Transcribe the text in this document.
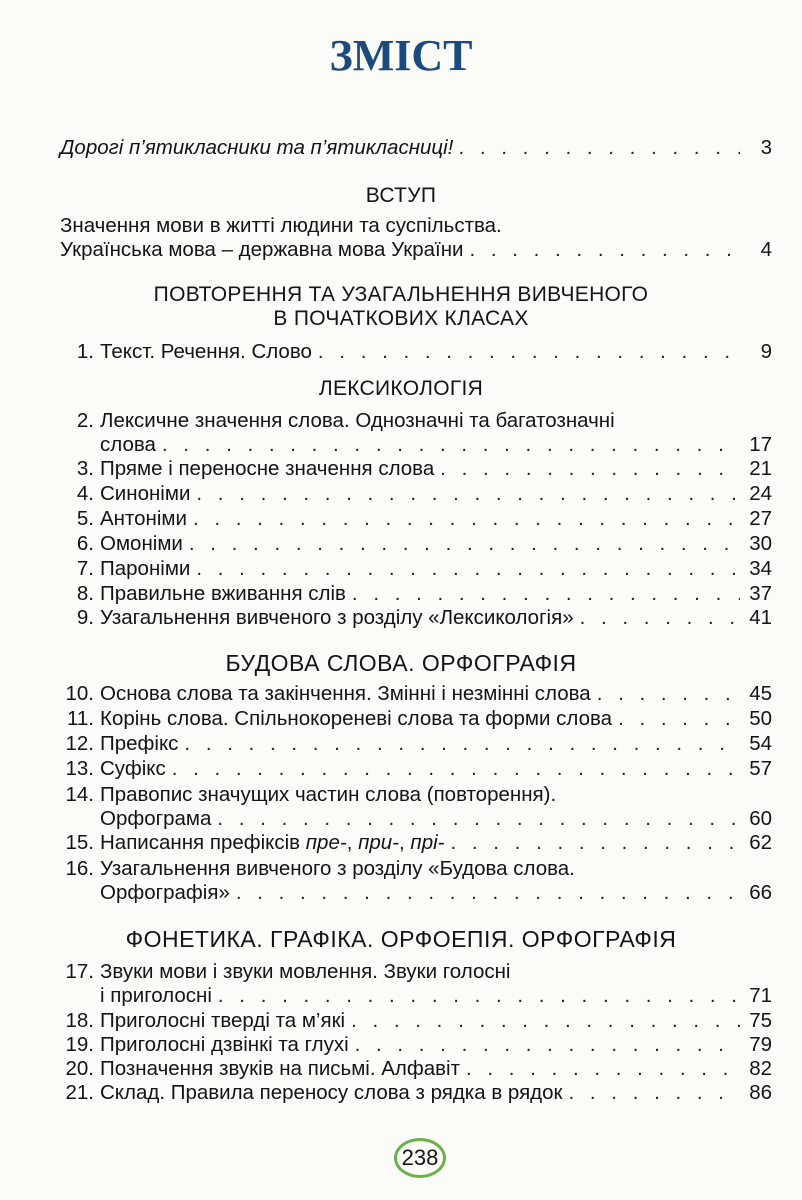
ЗМІСТ
Дорогі п’ятикласники та п’ятикласниці! . . .	3
ВСТУП
Значення мови в житті людини та суспільства.
Українська мова – державна мова України . . .	4
ПОВТОРЕННЯ ТА УЗАГАЛЬНЕННЯ ВИВЧЕНОГО
В ПОЧАТКОВИХ КЛАСАХ
1. Текст. Речення. Слово . . .	9
ЛЕКСИКОЛОГІЯ
2. Лексичне значення слова. Однозначні та багатозначні
слова . . .	17
3. Пряме і переносне значення слова . . .	21
4. Синоніми . . .	24
5. Антоніми . . .	27
6. Омоніми . . .	30
7. Пароніми . . .	34
8. Правильне вживання слів . . .	37
9. Узагальнення вивченого з розділу «Лексикологія» . . .	41
БУДОВА СЛОВА. ОРФОГРАФІЯ
10. Основа слова та закінчення. Змінні і незмінні слова . . .	45
11. Корінь слова. Спільнокореневі слова та форми слова . . .	50
12. Префікс . . .	54
13. Суфікс . . .	57
14. Правопис значущих частин слова (повторення).
Орфограма . . .	60
15. Написання префіксів пре-, при-, прі- . . .	62
16. Узагальнення вивченого з розділу «Будова слова.
Орфографія» . . .	66
ФОНЕТИКА. ГРАФІКА. ОРФОЕПІЯ. ОРФОГРАФІЯ
17. Звуки мови і звуки мовлення. Звуки голосні
і приголосні . . .	71
18. Приголосні тверді та м’які . . .	75
19. Приголосні дзвінкі та глухі . . .	79
20. Позначення звуків на письмі. Алфавіт . . .	82
21. Склад. Правила переносу слова з рядка в рядок . . .	86
238
